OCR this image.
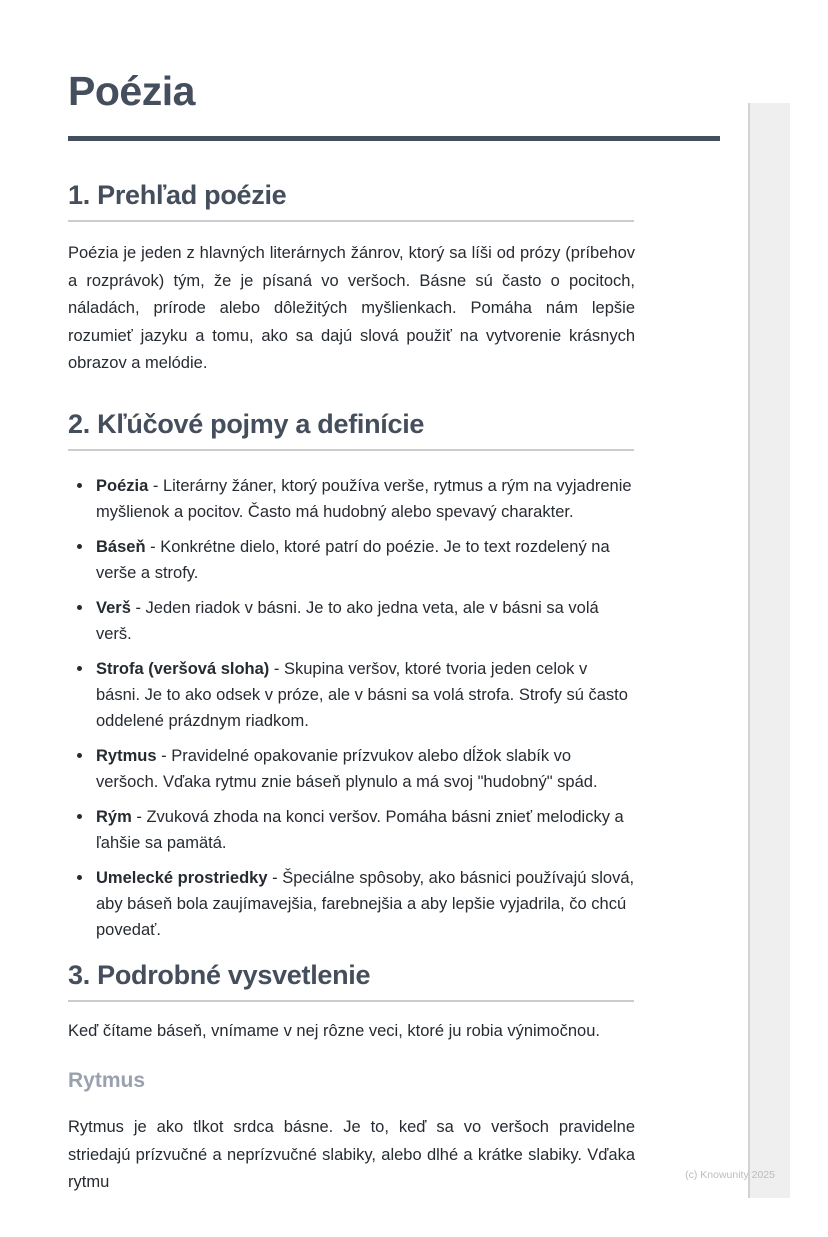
Poézia
1. Prehľad poézie

Poézia je jeden z hlavných literárnych žánrov, ktorý sa líši od prózy (príbehov a rozprávok) tým, že je písaná vo veršoch. Básne sú často o pocitoch, náladách, prírode alebo dôležitých myšlienkach. Pomáha nám lepšie rozumieť jazyku a tomu, ako sa dajú slová použiť na vytvorenie krásnych obrazov a melódie.

2. Kľúčové pojmy a definície
Poézia - Literárny žáner, ktorý používa verše, rytmus a rým na vyjadrenie myšlienok a pocitov. Často má hudobný alebo spevavý charakter.
Báseň - Konkrétne dielo, ktoré patrí do poézie. Je to text rozdelený na verše a strofy.
Verš - Jeden riadok v básni. Je to ako jedna veta, ale v básni sa volá verš.
Strofa (veršová sloha) - Skupina veršov, ktoré tvoria jeden celok v básni. Je to ako odsek v próze, ale v básni sa volá strofa. Strofy sú často oddelené prázdnym riadkom.
Rytmus - Pravidelné opakovanie prízvukov alebo dĺžok slabík vo veršoch. Vďaka rytmu znie báseň plynulo a má svoj "hudobný" spád.
Rým - Zvuková zhoda na konci veršov. Pomáha básni znieť melodicky a ľahšie sa pamätá.
Umelecké prostriedky - Špeciálne spôsoby, ako básnici používajú slová, aby báseň bola zaujímavejšia, farebnejšia a aby lepšie vyjadrila, čo chcú povedať.
3. Podrobné vysvetlenie

Keď čítame báseň, vnímame v nej rôzne veci, ktoré ju robia výnimočnou.

Rytmus

Rytmus je ako tlkot srdca básne. Je to, keď sa vo veršoch pravidelne striedajú prízvučné a neprízvučné slabiky, alebo dlhé a krátke slabiky. Vďaka rytmu	(c) Knowunity 2025
